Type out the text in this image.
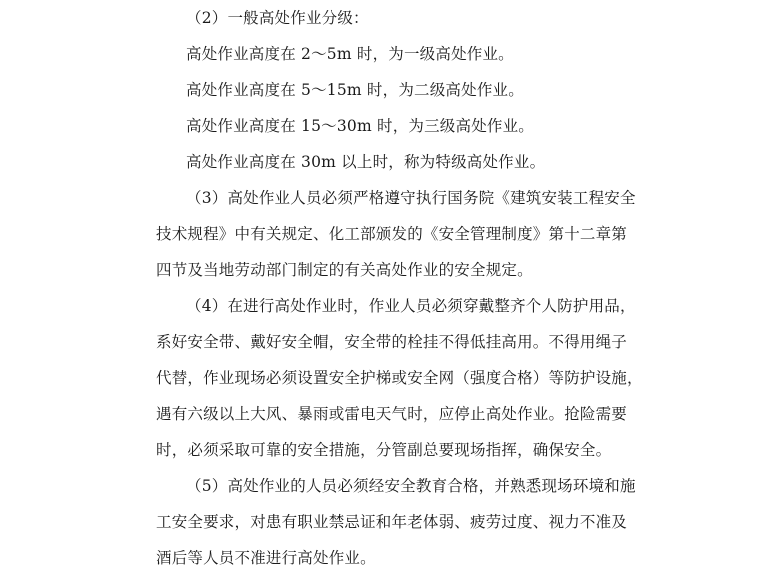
（2）一般高处作业分级：
高处作业高度在 2～5m 时，为一级高处作业。
高处作业高度在 5～15m 时，为二级高处作业。
高处作业高度在 15～30m 时，为三级高处作业。
高处作业高度在 30m 以上时，称为特级高处作业。
（3）高处作业人员必须严格遵守执行国务院《建筑安装工程安全
技术规程》中有关规定、化工部颁发的《安全管理制度》第十二章第
四节及当地劳动部门制定的有关高处作业的安全规定。
（4）在进行高处作业时，作业人员必须穿戴整齐个人防护用品，
系好安全带、戴好安全帽，安全带的栓挂不得低挂高用。不得用绳子
代替，作业现场必须设置安全护梯或安全网（强度合格）等防护设施，
遇有六级以上大风、暴雨或雷电天气时，应停止高处作业。抢险需要
时，必须采取可靠的安全措施，分管副总要现场指挥，确保安全。
（5）高处作业的人员必须经安全教育合格，并熟悉现场环境和施
工安全要求，对患有职业禁忌证和年老体弱、疲劳过度、视力不准及
酒后等人员不准进行高处作业。
